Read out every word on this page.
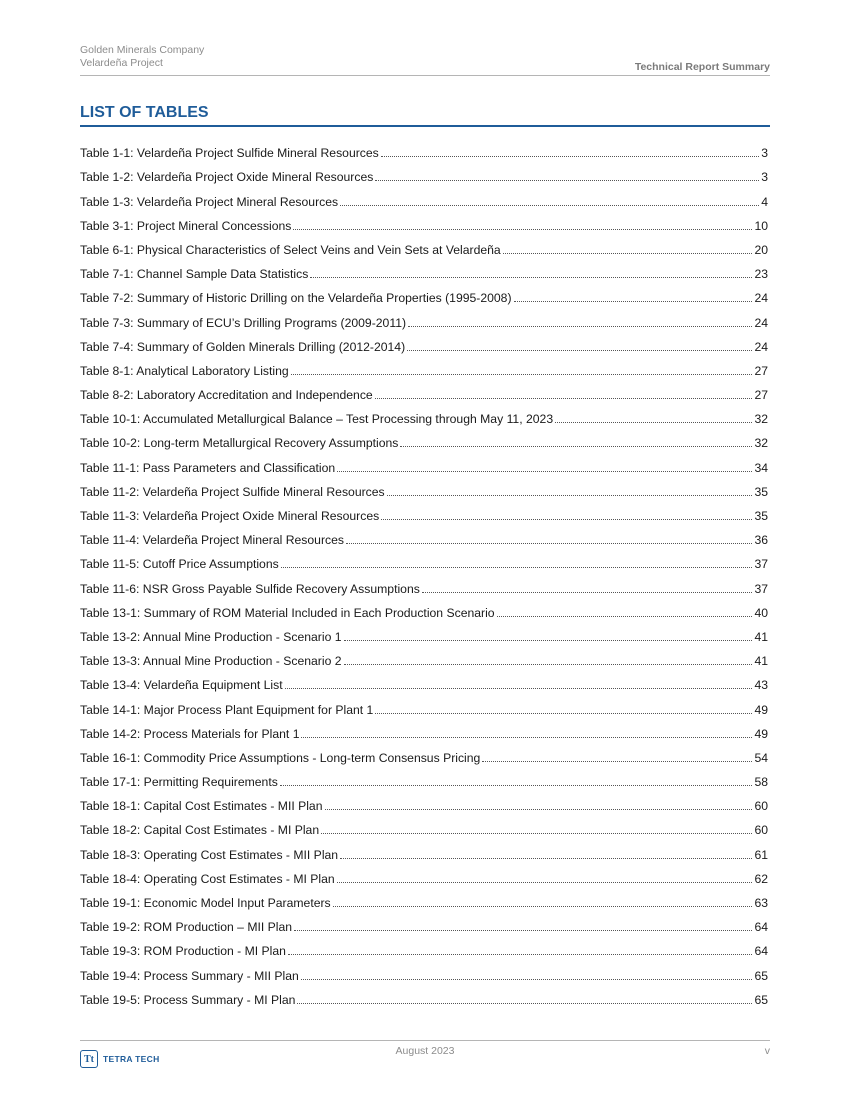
Golden Minerals Company
Velardeña Project	Technical Report Summary
LIST OF TABLES
Table 1-1: Velardeña Project Sulfide Mineral Resources	3
Table 1-2: Velardeña Project Oxide Mineral Resources	3
Table 1-3: Velardeña Project Mineral Resources	4
Table 3-1: Project Mineral Concessions	10
Table 6-1: Physical Characteristics of Select Veins and Vein Sets at Velardeña	20
Table 7-1: Channel Sample Data Statistics	23
Table 7-2: Summary of Historic Drilling on the Velardeña Properties (1995-2008)	24
Table 7-3: Summary of ECU’s Drilling Programs (2009-2011)	24
Table 7-4: Summary of Golden Minerals Drilling (2012-2014)	24
Table 8-1: Analytical Laboratory Listing	27
Table 8-2: Laboratory Accreditation and Independence	27
Table 10-1: Accumulated Metallurgical Balance – Test Processing through May 11, 2023	32
Table 10-2: Long-term Metallurgical Recovery Assumptions	32
Table 11-1: Pass Parameters and Classification	34
Table 11-2: Velardeña Project Sulfide Mineral Resources	35
Table 11-3: Velardeña Project Oxide Mineral Resources	35
Table 11-4: Velardeña Project Mineral Resources	36
Table 11-5: Cutoff Price Assumptions	37
Table 11-6: NSR Gross Payable Sulfide Recovery Assumptions	37
Table 13-1: Summary of ROM Material Included in Each Production Scenario	40
Table 13-2: Annual Mine Production - Scenario 1	41
Table 13-3: Annual Mine Production - Scenario 2	41
Table 13-4: Velardeña Equipment List	43
Table 14-1: Major Process Plant Equipment for Plant 1	49
Table 14-2: Process Materials for Plant 1	49
Table 16-1: Commodity Price Assumptions - Long-term Consensus Pricing	54
Table 17-1: Permitting Requirements	58
Table 18-1: Capital Cost Estimates - MII Plan	60
Table 18-2: Capital Cost Estimates - MI Plan	60
Table 18-3: Operating Cost Estimates - MII Plan	61
Table 18-4: Operating Cost Estimates - MI Plan	62
Table 19-1: Economic Model Input Parameters	63
Table 19-2: ROM Production – MII Plan	64
Table 19-3: ROM Production - MI Plan	64
Table 19-4: Process Summary - MII Plan	65
Table 19-5: Process Summary - MI Plan	65
Tt	TETRA TECH
August 2023	v
